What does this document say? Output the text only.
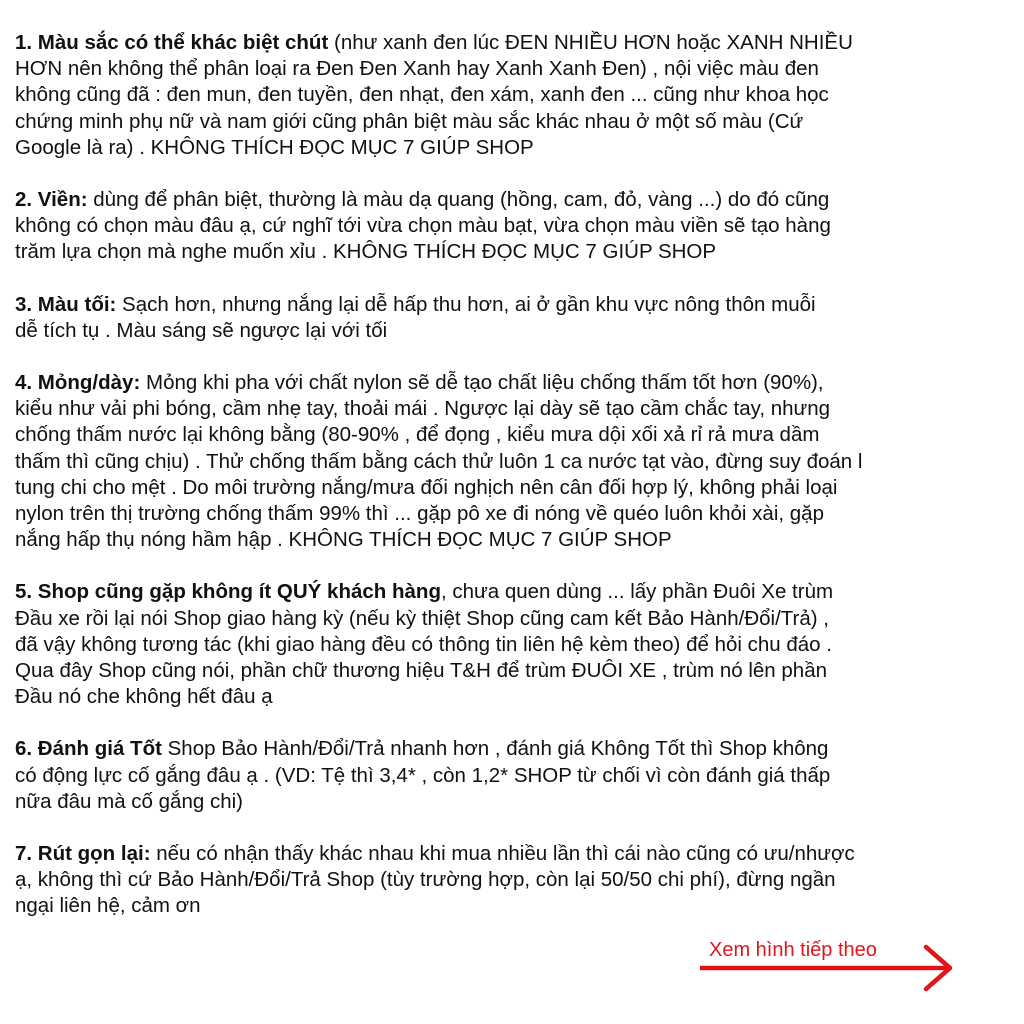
1. Màu sắc có thể khác biệt chút (như xanh đen lúc ĐEN NHIỀU HƠN hoặc XANH NHIỀU
HƠN nên không thể phân loại ra Đen Đen Xanh hay Xanh Xanh Đen) , nội việc màu đen
không cũng đã : đen mun, đen tuyền, đen nhạt, đen xám, xanh đen ... cũng như khoa học
chứng minh phụ nữ và nam giới cũng phân biệt màu sắc khác nhau ở một số màu (Cứ
Google là ra) . KHÔNG THÍCH ĐỌC MỤC 7 GIÚP SHOP
2. Viền: dùng để phân biệt, thường là màu dạ quang (hồng, cam, đỏ, vàng ...) do đó cũng
không có chọn màu đâu ạ, cứ nghĩ tới vừa chọn màu bạt, vừa chọn màu viền sẽ tạo hàng
trăm lựa chọn mà nghe muốn xỉu . KHÔNG THÍCH ĐỌC MỤC 7 GIÚP SHOP
3. Màu tối: Sạch hơn, nhưng nắng lại dễ hấp thu hơn, ai ở gần khu vực nông thôn muỗi
dễ tích tụ . Màu sáng sẽ ngược lại với tối
4. Mỏng/dày: Mỏng khi pha với chất nylon sẽ dễ tạo chất liệu chống thấm tốt hơn (90%),
kiểu như vải phi bóng, cầm nhẹ tay, thoải mái . Ngược lại dày sẽ tạo cầm chắc tay, nhưng
chống thấm nước lại không bằng (80-90% , để đọng , kiểu mưa dội xối xả rỉ rả mưa dầm
thấm thì cũng chịu) . Thử chống thấm bằng cách thử luôn 1 ca nước tạt vào, đừng suy đoán l
tung chi cho mệt . Do môi trường nắng/mưa đối nghịch nên cân đối hợp lý, không phải loại
nylon trên thị trường chống thấm 99% thì ... gặp pô xe đi nóng về quéo luôn khỏi xài, gặp
nắng hấp thụ nóng hầm hập . KHÔNG THÍCH ĐỌC MỤC 7 GIÚP SHOP
5. Shop cũng gặp không ít QUÝ khách hàng, chưa quen dùng ... lấy phần Đuôi Xe trùm
Đầu xe rồi lại nói Shop giao hàng kỳ (nếu kỳ thiệt Shop cũng cam kết Bảo Hành/Đổi/Trả) ,
đã vậy không tương tác (khi giao hàng đều có thông tin liên hệ kèm theo) để hỏi chu đáo .
Qua đây Shop cũng nói, phần chữ thương hiệu T&H để trùm ĐUÔI XE , trùm nó lên phần
Đầu nó che không hết đâu ạ
6. Đánh giá Tốt Shop Bảo Hành/Đổi/Trả nhanh hơn , đánh giá Không Tốt thì Shop không
có động lực cố gắng đâu ạ . (VD: Tệ thì 3,4* , còn 1,2* SHOP từ chối vì còn đánh giá thấp
nữa đâu mà cố gắng chi)
7. Rút gọn lại: nếu có nhận thấy khác nhau khi mua nhiều lần thì cái nào cũng có ưu/nhược
ạ, không thì cứ Bảo Hành/Đổi/Trả Shop (tùy trường hợp, còn lại 50/50 chi phí), đừng ngần
ngại liên hệ, cảm ơn
Xem hình tiếp theo
